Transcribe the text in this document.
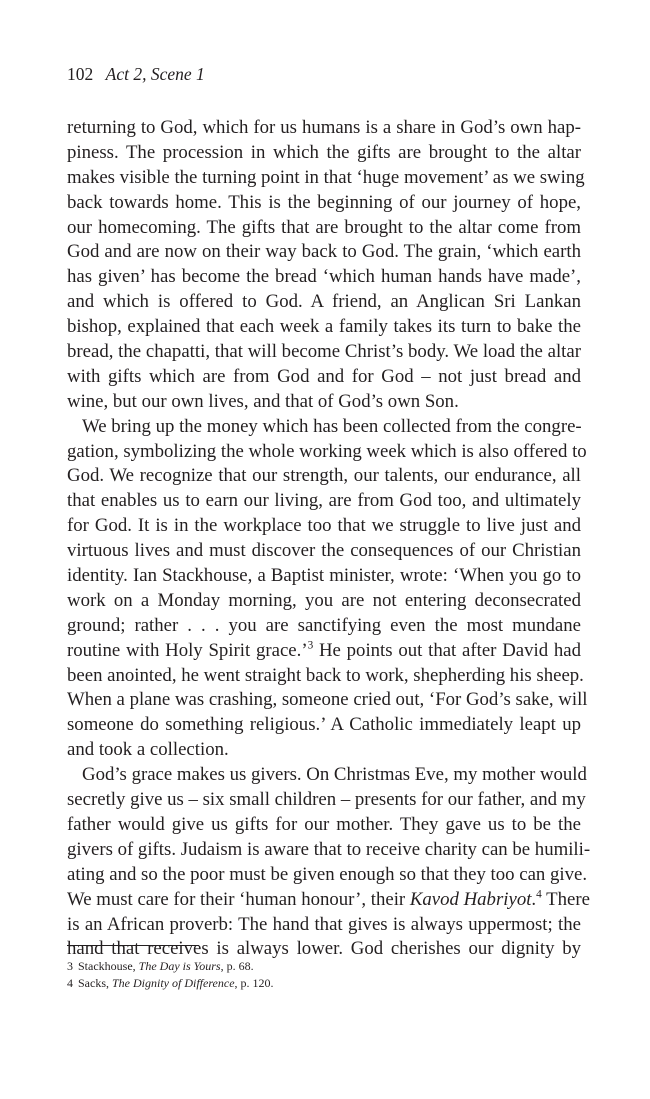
102 Act 2, Scene 1
returning to God, which for us humans is a share in God’s own hap-
piness. The procession in which the gifts are brought to the altar
makes visible the turning point in that ‘huge movement’ as we swing
back towards home. This is the beginning of our journey of hope,
our homecoming. The gifts that are brought to the altar come from
God and are now on their way back to God. The grain, ‘which earth
has given’ has become the bread ‘which human hands have made’,
and which is offered to God. A friend, an Anglican Sri Lankan
bishop, explained that each week a family takes its turn to bake the
bread, the chapatti, that will become Christ’s body. We load the altar
with gifts which are from God and for God – not just bread and
wine, but our own lives, and that of God’s own Son.
We bring up the money which has been collected from the congre-
gation, symbolizing the whole working week which is also offered to
God. We recognize that our strength, our talents, our endurance, all
that enables us to earn our living, are from God too, and ultimately
for God. It is in the workplace too that we struggle to live just and
virtuous lives and must discover the consequences of our Christian
identity. Ian Stackhouse, a Baptist minister, wrote: ‘When you go to
work on a Monday morning, you are not entering deconsecrated
ground; rather . . . you are sanctifying even the most mundane
routine with Holy Spirit grace.’$^3$ He points out that after David had
been anointed, he went straight back to work, shepherding his sheep.
When a plane was crashing, someone cried out, ‘For God’s sake, will
someone do something religious.’ A Catholic immediately leapt up
and took a collection.
God’s grace makes us givers. On Christmas Eve, my mother would
secretly give us – six small children – presents for our father, and my
father would give us gifts for our mother. They gave us to be the
givers of gifts. Judaism is aware that to receive charity can be humili-
ating and so the poor must be given enough so that they too can give.
We must care for their ‘human honour’, their Kavod Habriyot.$^4$ There
is an African proverb: The hand that gives is always uppermost; the
hand that receives is always lower. God cherishes our dignity by
3 Stackhouse, The Day is Yours, p. 68.
4 Sacks, The Dignity of Difference, p. 120.
